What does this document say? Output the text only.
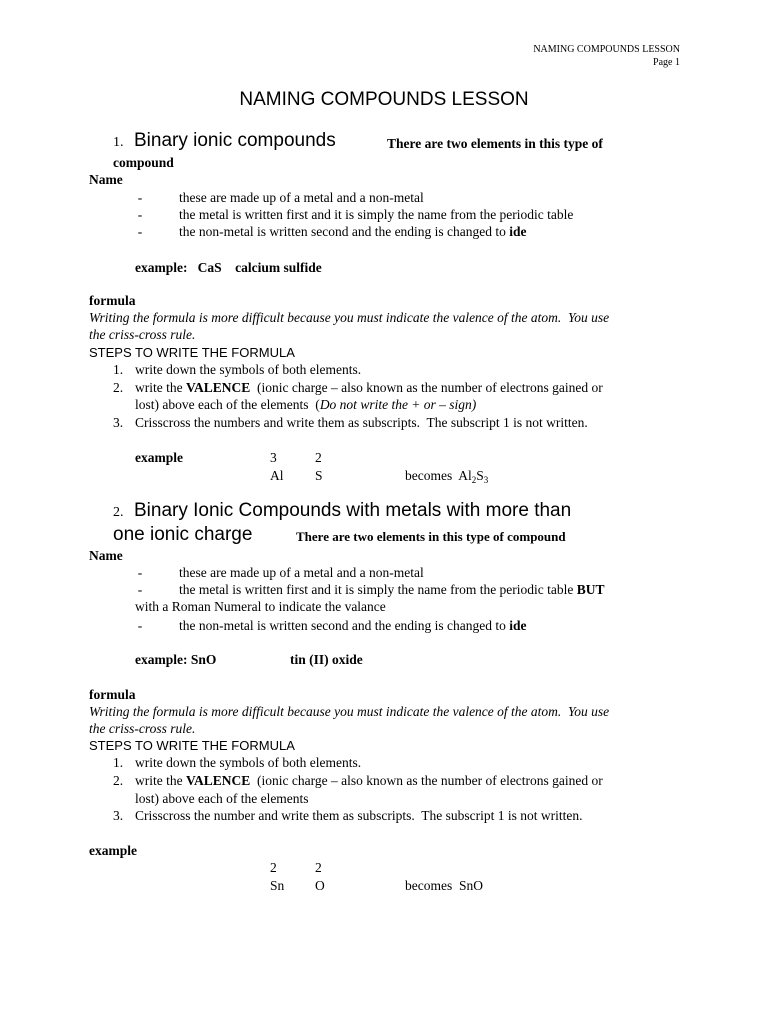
NAMING COMPOUNDS LESSON
Page 1
NAMING COMPOUNDS LESSON
1. Binary ionic compounds	There are two elements in this type of
compound
Name
-	these are made up of a metal and a non-metal
-	the metal is written first and it is simply the name from the periodic table
-	the non-metal is written second and the ending is changed to ide
example:   CaS    calcium sulfide
formula
Writing the formula is more difficult because you must indicate the valence of the atom.  You use
the criss-cross rule.
STEPS TO WRITE THE FORMULA
1. write down the symbols of both elements.
2. write the VALENCE  (ionic charge – also known as the number of electrons gained or
lost) above each of the elements  (Do not write the + or – sign)
3. Crisscross the numbers and write them as subscripts.  The subscript 1 is not written.
example	3	2
Al S	becomes  $Al_2S_3$
2. Binary Ionic Compounds with metals with more than
one ionic charge	There are two elements in this type of compound
Name
-	these are made up of a metal and a non-metal
-	the metal is written first and it is simply the name from the periodic table BUT
with a Roman Numeral to indicate the valance
-	the non-metal is written second and the ending is changed to ide
example: SnO	tin (II) oxide
formula
Writing the formula is more difficult because you must indicate the valence of the atom.  You use
the criss-cross rule.
STEPS TO WRITE THE FORMULA
1. write down the symbols of both elements.
2. write the VALENCE  (ionic charge – also known as the number of electrons gained or
lost) above each of the elements
3. Crisscross the number and write them as subscripts.  The subscript 1 is not written.
example
2	2
Sn O	becomes  SnO
